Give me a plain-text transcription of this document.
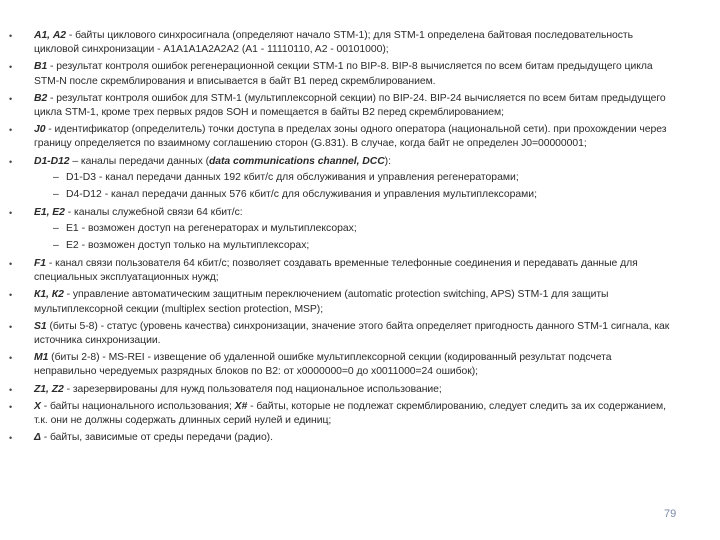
• А1, А2 - байты циклового синхросигнала (определяют начало STM-1); для STM-1 определена байтовая последовательность
цикловой синхронизации - A1A1A1A2A2A2 (A1 - 11110110, A2 - 00101000);
• В1 - результат контроля ошибок регенерационной секции STM-1 по BIP-8. BIP-8 вычисляется по всем битам предыдущего цикла
STM-N после скремблирования и вписывается в байт B1 перед скремблированием.
• В2 - результат контроля ошибок для STM-1 (мультиплексорной секции) по BIP-24. BIP-24 вычисляется по всем битам предыдущего
цикла STM-1, кроме трех первых рядов SOH и помещается в байты B2 перед скремблированием;
• J0 - идентификатор (определитель) точки доступа в пределах зоны одного оператора (национальной сети). при прохождении через
границу определяется по взаимному соглашению сторон (G.831). В случае, когда байт не определен J0=00000001;
• D1-D12 – каналы передачи данных (data communications channel, DCC):
– D1-D3 - канал передачи данных 192 кбит/с для обслуживания и управления регенераторами;
– D4-D12 - канал передачи данных 576 кбит/с для обслуживания и управления мультиплексорами;
• Е1, Е2 - каналы служебной связи 64 кбит/с:
– E1 - возможен доступ на регенераторах и мультиплексорах;
– E2 - возможен доступ только на мультиплексорах;
• F1 - канал связи пользователя 64 кбит/с; позволяет создавать временные телефонные соединения и передавать данные для
специальных эксплуатационных нужд;
• К1, К2 - управление автоматическим защитным переключением (automatic protection switching, APS) STM-1 для защиты
мультиплексорной секции (multiplex section protection, MSP);
• S1 (биты 5-8) - статус (уровень качества) синхронизации, значение этого байта определяет пригодность данного STM-1 сигнала, как
источника синхронизации.
• M1 (биты 2-8) - MS-REI - извещение об удаленной ошибке мультиплексорной секции (кодированный результат подсчета
неправильно чередуемых разрядных блоков по B2: от х0000000=0 до х0011000=24 ошибок);
• Z1, Z2 - зарезервированы для нужд пользователя под национальное использование;
• Х - байты национального использования; Х# - байты, которые не подлежат скремблированию, следует следить за их содержанием,
т.к. они не должны содержать длинных серий нулей и единиц;
• Δ - байты, зависимые от среды передачи (радио).
79
